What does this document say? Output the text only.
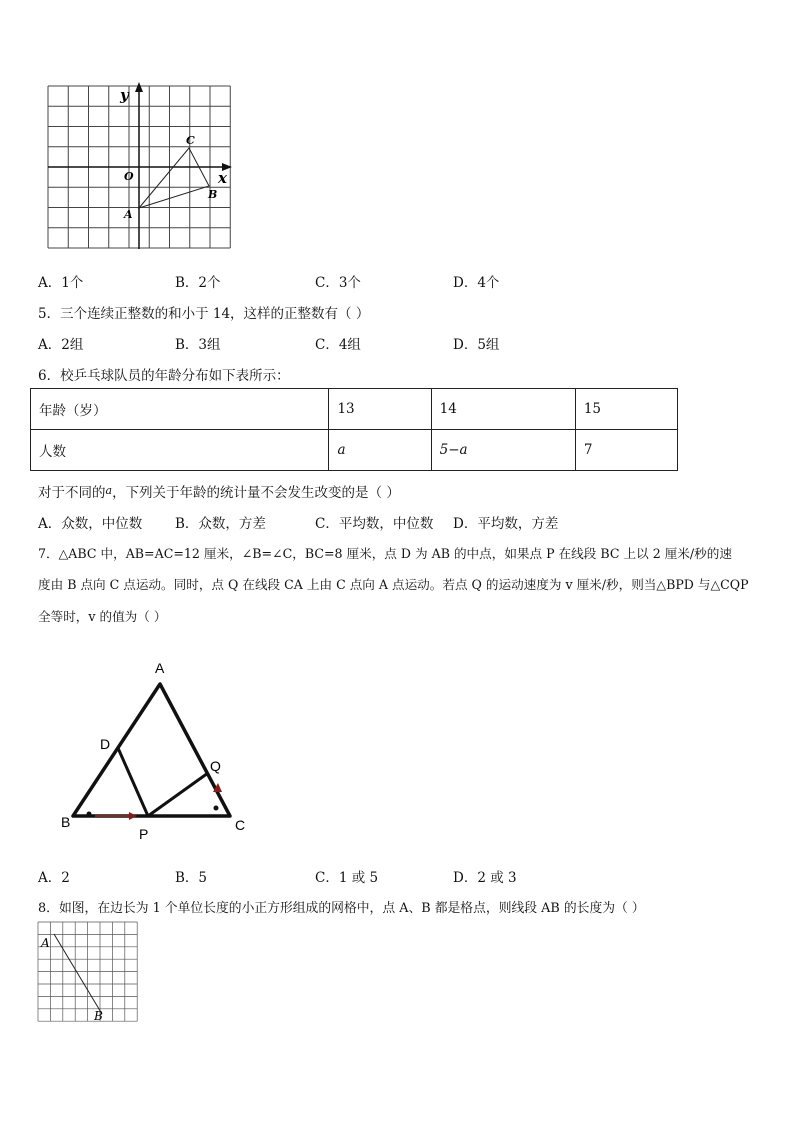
y
x
O
A
B
C
A．1个	B．2个	C．3个	D．4个
5．三个连续正整数的和小于 14，这样的正整数有（ ）
A．2组	B．3组	C．4组	D．5组
6．校乒乓球队员的年龄分布如下表所示：
年龄（岁）	13	14	15
人数	a	5−a	7
对于不同的$^a$，下列关于年龄的统计量不会发生改变的是（ ）
A．众数，中位数 B．众数，方差	C．平均数，中位数 D．平均数，方差
7．△ABC 中，AB=AC=12 厘米，∠B=∠C，BC=8 厘米，点 D 为 AB 的中点，如果点 P 在线段 BC 上以 2 厘米/秒的速
度由 B 点向 C 点运动。同时，点 Q 在线段 CA 上由 C 点向 A 点运动。若点 Q 的运动速度为 v 厘米/秒，则当△BPD 与△CQP
全等时，v 的值为（ ）
A
B	C
D
P
Q
A．2	B．5	C．1 或 5	D．2 或 3
8．如图，在边长为 1 个单位长度的小正方形组成的网格中，点 A、B 都是格点，则线段 AB 的长度为（ ）
A
B
